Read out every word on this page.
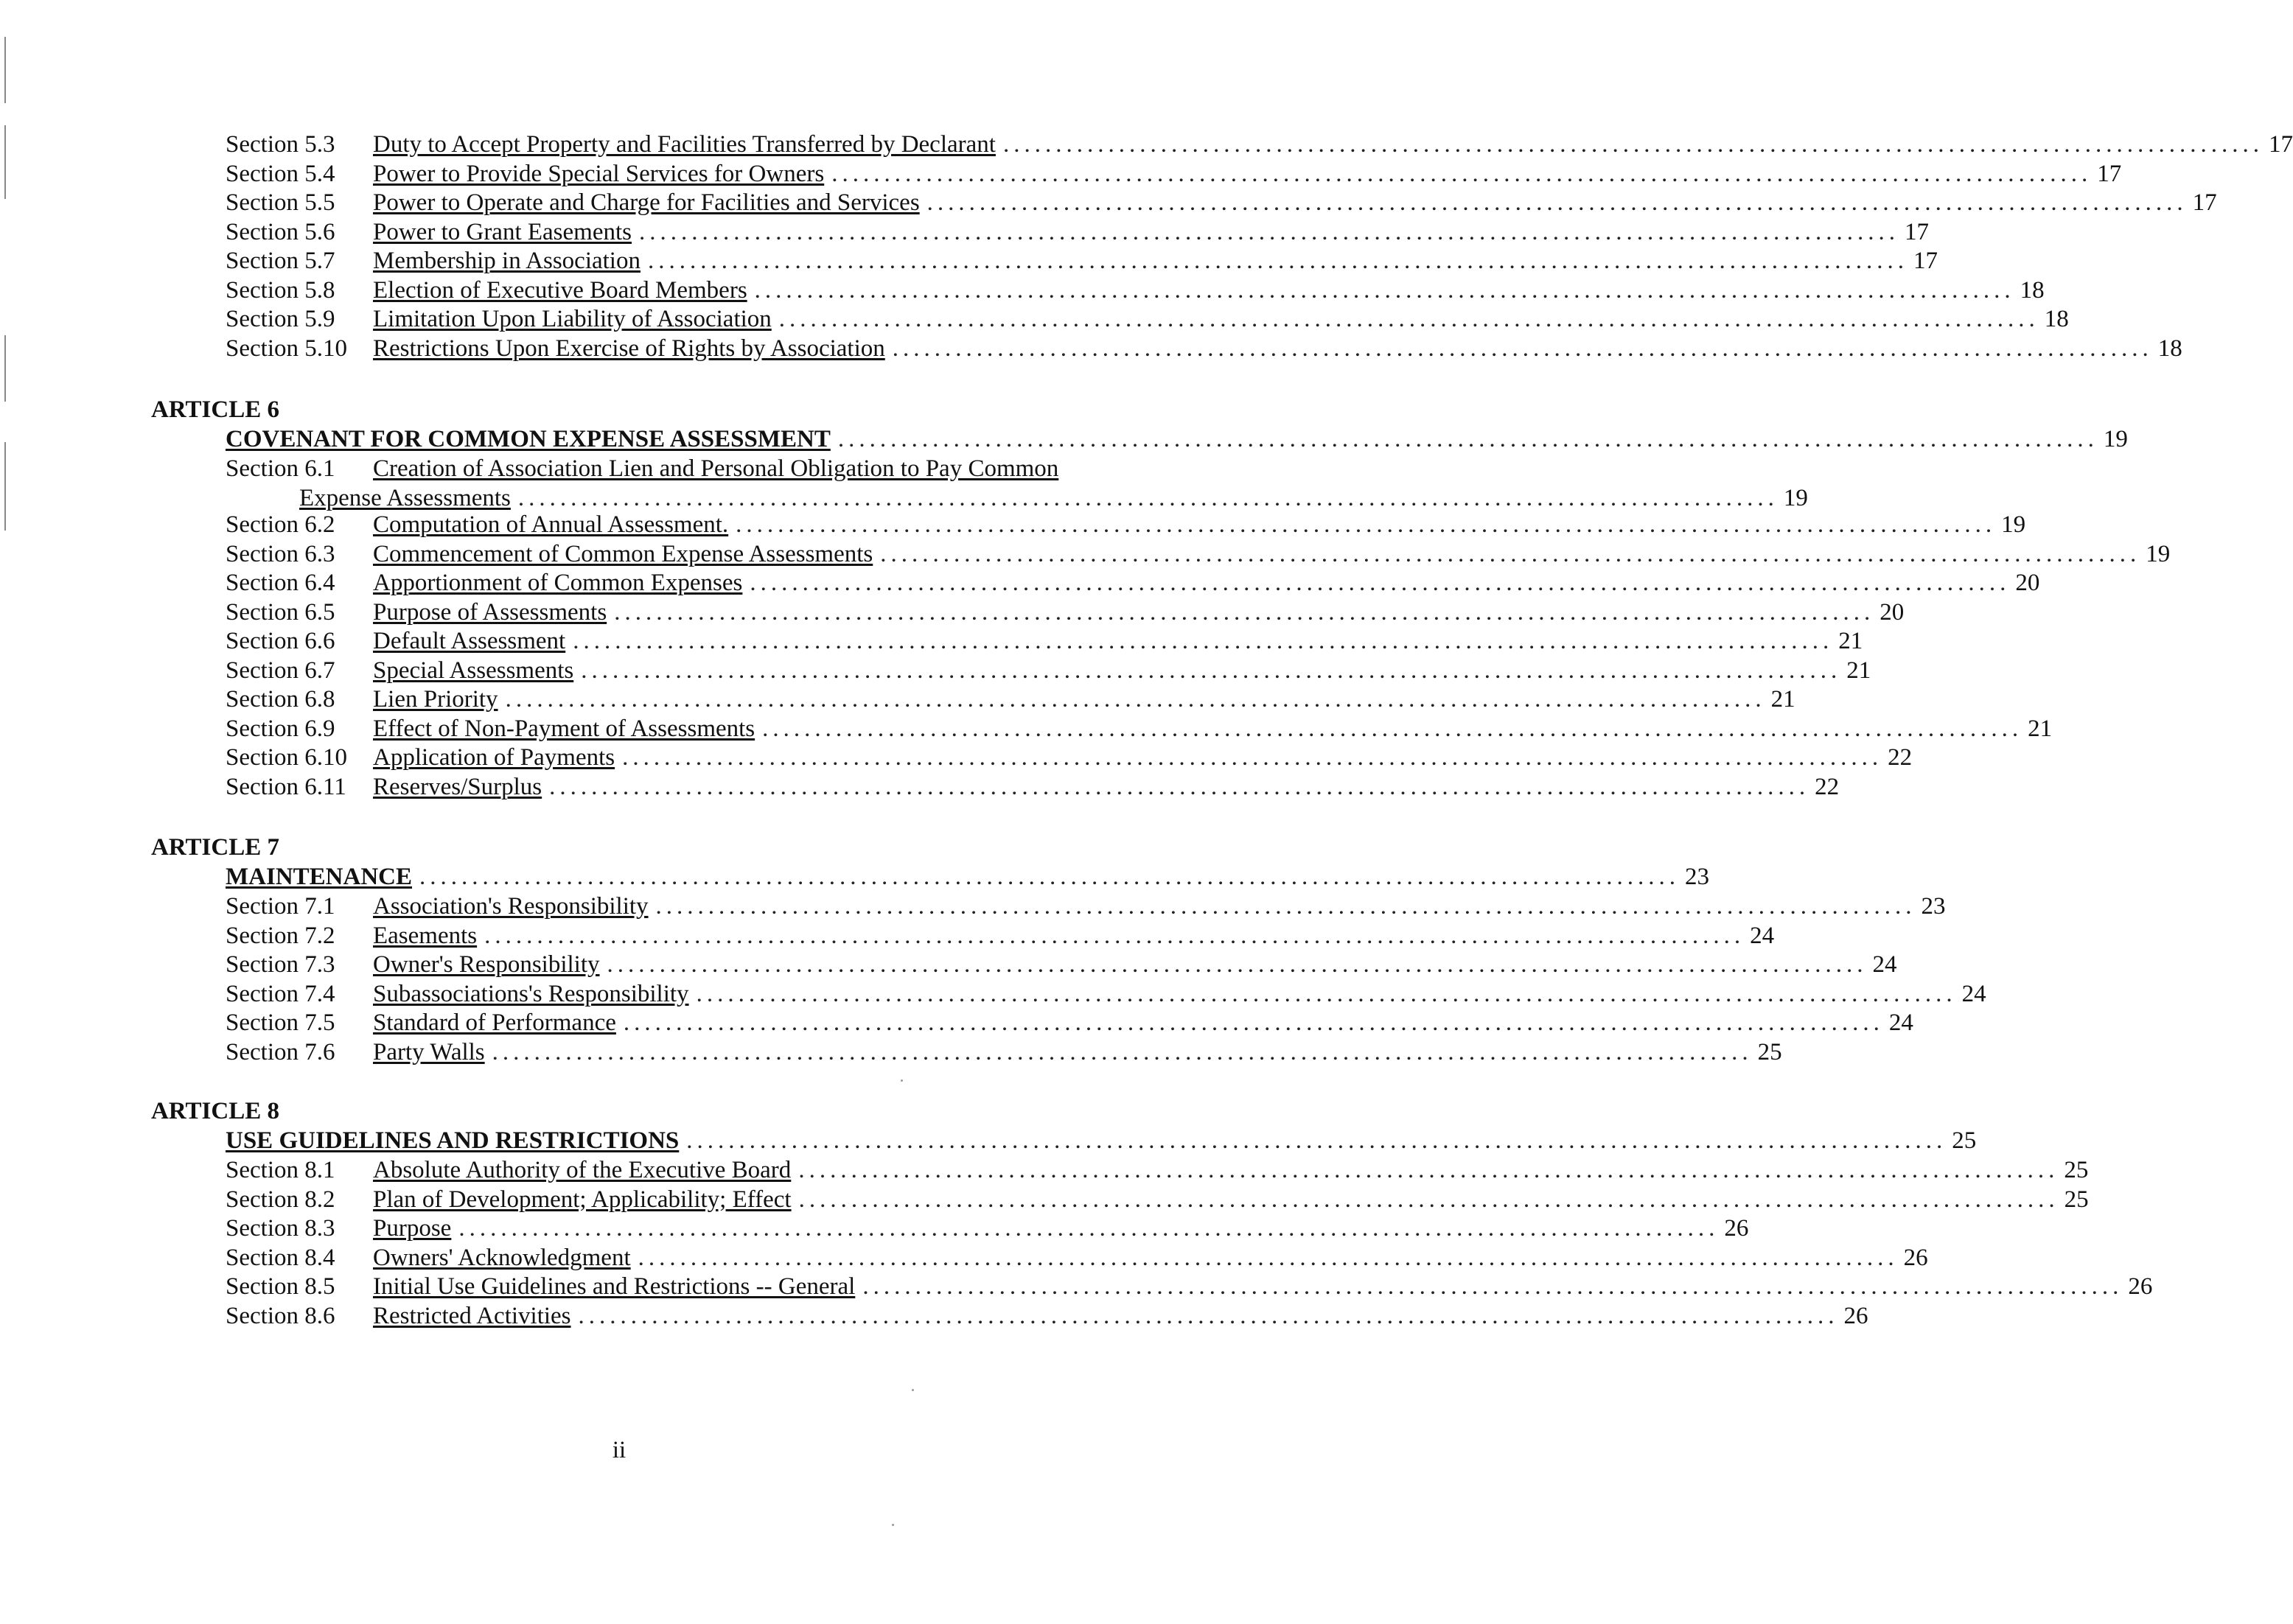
Section 5.3	Duty to Accept Property and Facilities Transferred by Declarant ........................................................................................................................ 17
Section 5.4	Power to Provide Special Services for Owners ........................................................................................................................ 17
Section 5.5	Power to Operate and Charge for Facilities and Services ........................................................................................................................ 17
Section 5.6	Power to Grant Easements ........................................................................................................................ 17
Section 5.7	Membership in Association ........................................................................................................................ 17
Section 5.8	Election of Executive Board Members ........................................................................................................................ 18
Section 5.9	Limitation Upon Liability of Association ........................................................................................................................ 18
Section 5.10	Restrictions Upon Exercise of Rights by Association ........................................................................................................................ 18
ARTICLE 6
COVENANT FOR COMMON EXPENSE ASSESSMENT ........................................................................................................................ 19
Section 6.1	Creation of Association Lien and Personal Obligation to Pay Common
Expense Assessments ........................................................................................................................ 19
Section 6.2	Computation of Annual Assessment. ........................................................................................................................ 19
Section 6.3	Commencement of Common Expense Assessments ........................................................................................................................ 19
Section 6.4	Apportionment of Common Expenses ........................................................................................................................ 20
Section 6.5	Purpose of Assessments ........................................................................................................................ 20
Section 6.6	Default Assessment ........................................................................................................................ 21
Section 6.7	Special Assessments ........................................................................................................................ 21
Section 6.8	Lien Priority ........................................................................................................................ 21
Section 6.9	Effect of Non-Payment of Assessments ........................................................................................................................ 21
Section 6.10	Application of Payments ........................................................................................................................ 22
Section 6.11	Reserves/Surplus ........................................................................................................................ 22
ARTICLE 7
MAINTENANCE ........................................................................................................................ 23
Section 7.1	Association's Responsibility ........................................................................................................................ 23
Section 7.2	Easements ........................................................................................................................ 24
Section 7.3	Owner's Responsibility ........................................................................................................................ 24
Section 7.4	Subassociations's Responsibility ........................................................................................................................ 24
Section 7.5	Standard of Performance ........................................................................................................................ 24
Section 7.6	Party Walls ........................................................................................................................ 25
ARTICLE 8
USE GUIDELINES AND RESTRICTIONS ........................................................................................................................ 25
Section 8.1	Absolute Authority of the Executive Board ........................................................................................................................ 25
Section 8.2	Plan of Development; Applicability; Effect ........................................................................................................................ 25
Section 8.3	Purpose ........................................................................................................................ 26
Section 8.4	Owners' Acknowledgment ........................................................................................................................ 26
Section 8.5	Initial Use Guidelines and Restrictions -- General ........................................................................................................................ 26
Section 8.6	Restricted Activities ........................................................................................................................ 26
ii
